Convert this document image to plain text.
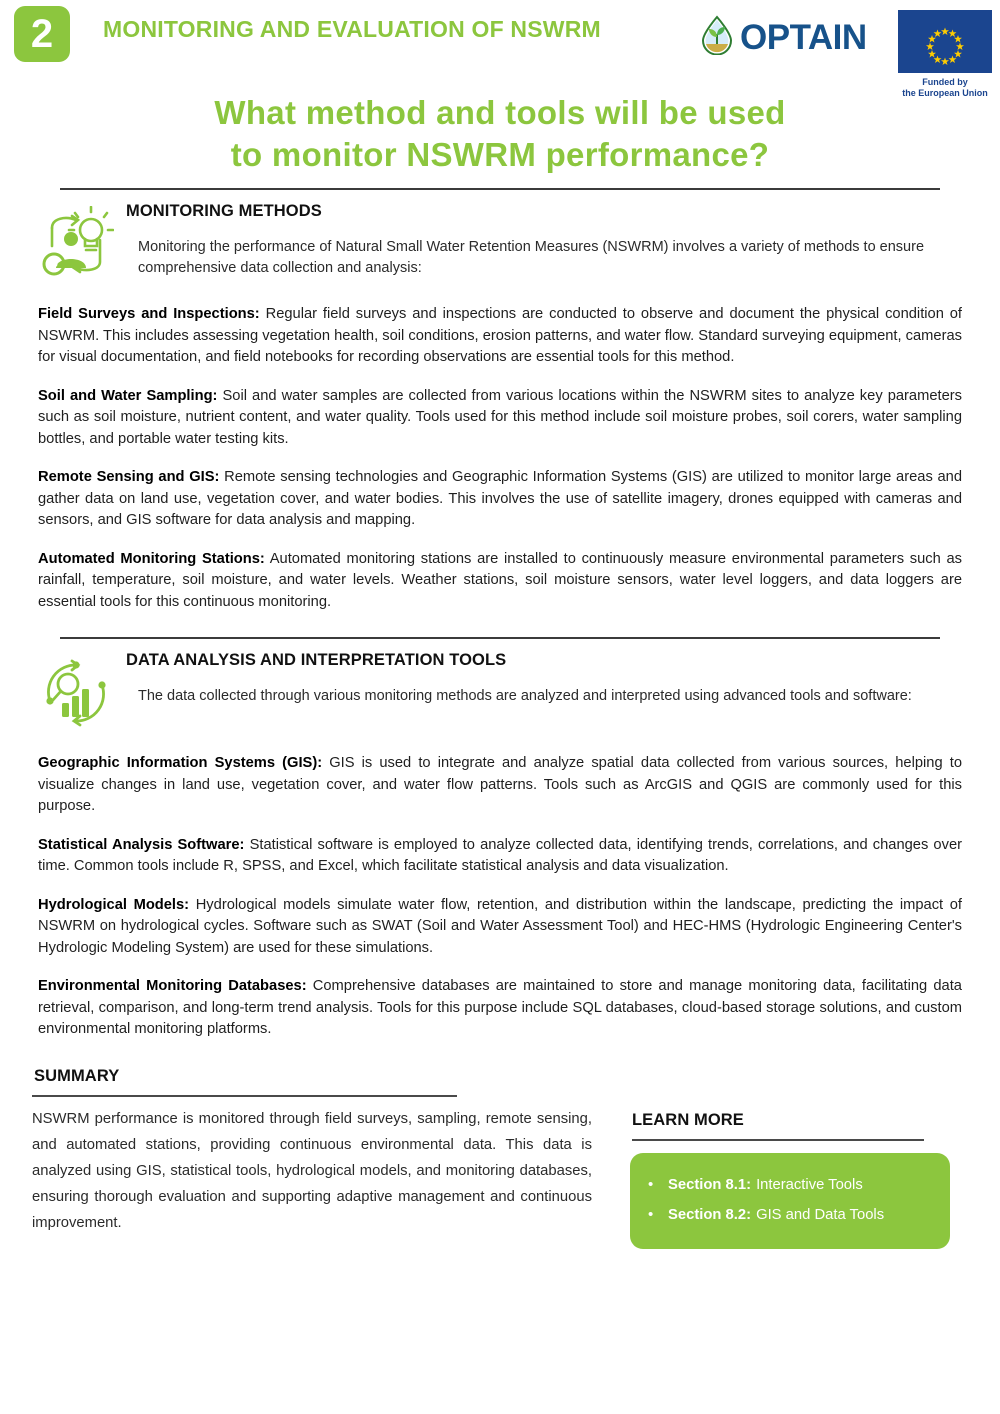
2	MONITORING AND EVALUATION OF NSWRM	OPTAIN
Funded by
the European Union
What method and tools will be used
to monitor NSWRM performance?
MONITORING METHODS
Monitoring the performance of Natural Small Water Retention Measures (NSWRM) involves a variety of methods to ensure comprehensive data collection and analysis:

Field Surveys and Inspections: Regular field surveys and inspections are conducted to observe and document the physical condition of NSWRM. This includes assessing vegetation health, soil conditions, erosion patterns, and water flow. Standard surveying equipment, cameras for visual documentation, and field notebooks for recording observations are essential tools for this method.

Soil and Water Sampling: Soil and water samples are collected from various locations within the NSWRM sites to analyze key parameters such as soil moisture, nutrient content, and water quality. Tools used for this method include soil moisture probes, soil corers, water sampling bottles, and portable water testing kits.

Remote Sensing and GIS: Remote sensing technologies and Geographic Information Systems (GIS) are utilized to monitor large areas and gather data on land use, vegetation cover, and water bodies. This involves the use of satellite imagery, drones equipped with cameras and sensors, and GIS software for data analysis and mapping.

Automated Monitoring Stations: Automated monitoring stations are installed to continuously measure environmental parameters such as rainfall, temperature, soil moisture, and water levels. Weather stations, soil moisture sensors, water level loggers, and data loggers are essential tools for this continuous monitoring.

DATA ANALYSIS AND INTERPRETATION TOOLS
The data collected through various monitoring methods are analyzed and interpreted using advanced tools and software:

Geographic Information Systems (GIS): GIS is used to integrate and analyze spatial data collected from various sources, helping to visualize changes in land use, vegetation cover, and water flow patterns. Tools such as ArcGIS and QGIS are commonly used for this purpose.

Statistical Analysis Software: Statistical software is employed to analyze collected data, identifying trends, correlations, and changes over time. Common tools include R, SPSS, and Excel, which facilitate statistical analysis and data visualization.

Hydrological Models: Hydrological models simulate water flow, retention, and distribution within the landscape, predicting the impact of NSWRM on hydrological cycles. Software such as SWAT (Soil and Water Assessment Tool) and HEC-HMS (Hydrologic Engineering Center's Hydrologic Modeling System) are used for these simulations.

Environmental Monitoring Databases: Comprehensive databases are maintained to store and manage monitoring data, facilitating data retrieval, comparison, and long-term trend analysis. Tools for this purpose include SQL databases, cloud-based storage solutions, and custom environmental monitoring platforms.

SUMMARY
NSWRM performance is monitored through field surveys, sampling, remote sensing, and automated stations, providing continuous environmental data. This data is analyzed using GIS, statistical tools, hydrological models, and monitoring databases, ensuring thorough evaluation and supporting adaptive management and continuous improvement.
LEARN MORE
• Section 8.1: Interactive Tools
• Section 8.2: GIS and Data Tools
